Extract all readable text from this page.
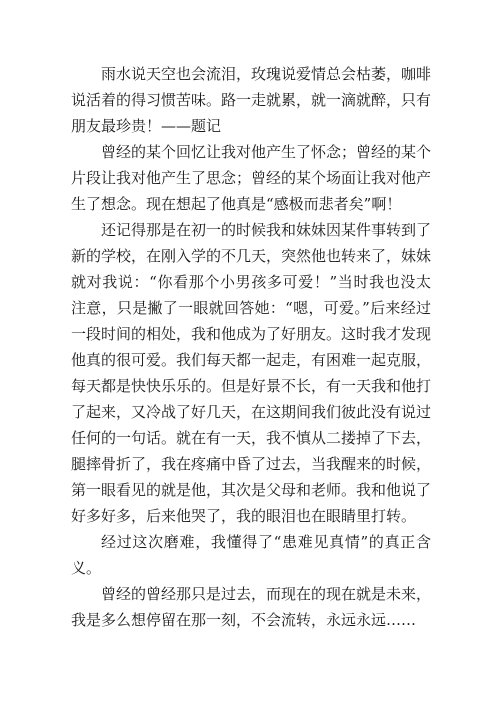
雨水说天空也会流泪，玫瑰说爱情总会枯萎，咖啡说活着的得习惯苦味。路一走就累，就一滴就醉，只有朋友最珍贵！——题记

曾经的某个回忆让我对他产生了怀念；曾经的某个片段让我对他产生了思念；曾经的某个场面让我对他产生了想念。现在想起了他真是“感极而悲者矣”啊！

还记得那是在初一的时候我和妹妹因某件事转到了新的学校，在刚入学的不几天，突然他也转来了，妹妹就对我说：“你看那个小男孩多可爱！”当时我也没太注意，只是撇了一眼就回答她：“嗯，可爱。”后来经过一段时间的相处，我和他成为了好朋友。这时我才发现他真的很可爱。我们每天都一起走，有困难一起克服，每天都是快快乐乐的。但是好景不长，有一天我和他打了起来，又冷战了好几天，在这期间我们彼此没有说过任何的一句话。就在有一天，我不慎从二搂掉了下去，腿摔骨折了，我在疼痛中昏了过去，当我醒来的时候，第一眼看见的就是他，其次是父母和老师。我和他说了好多好多，后来他哭了，我的眼泪也在眼睛里打转。

经过这次磨难，我懂得了“患难见真情”的真正含义。

曾经的曾经那只是过去，而现在的现在就是未来，我是多么想停留在那一刻，不会流转，永远永远……
